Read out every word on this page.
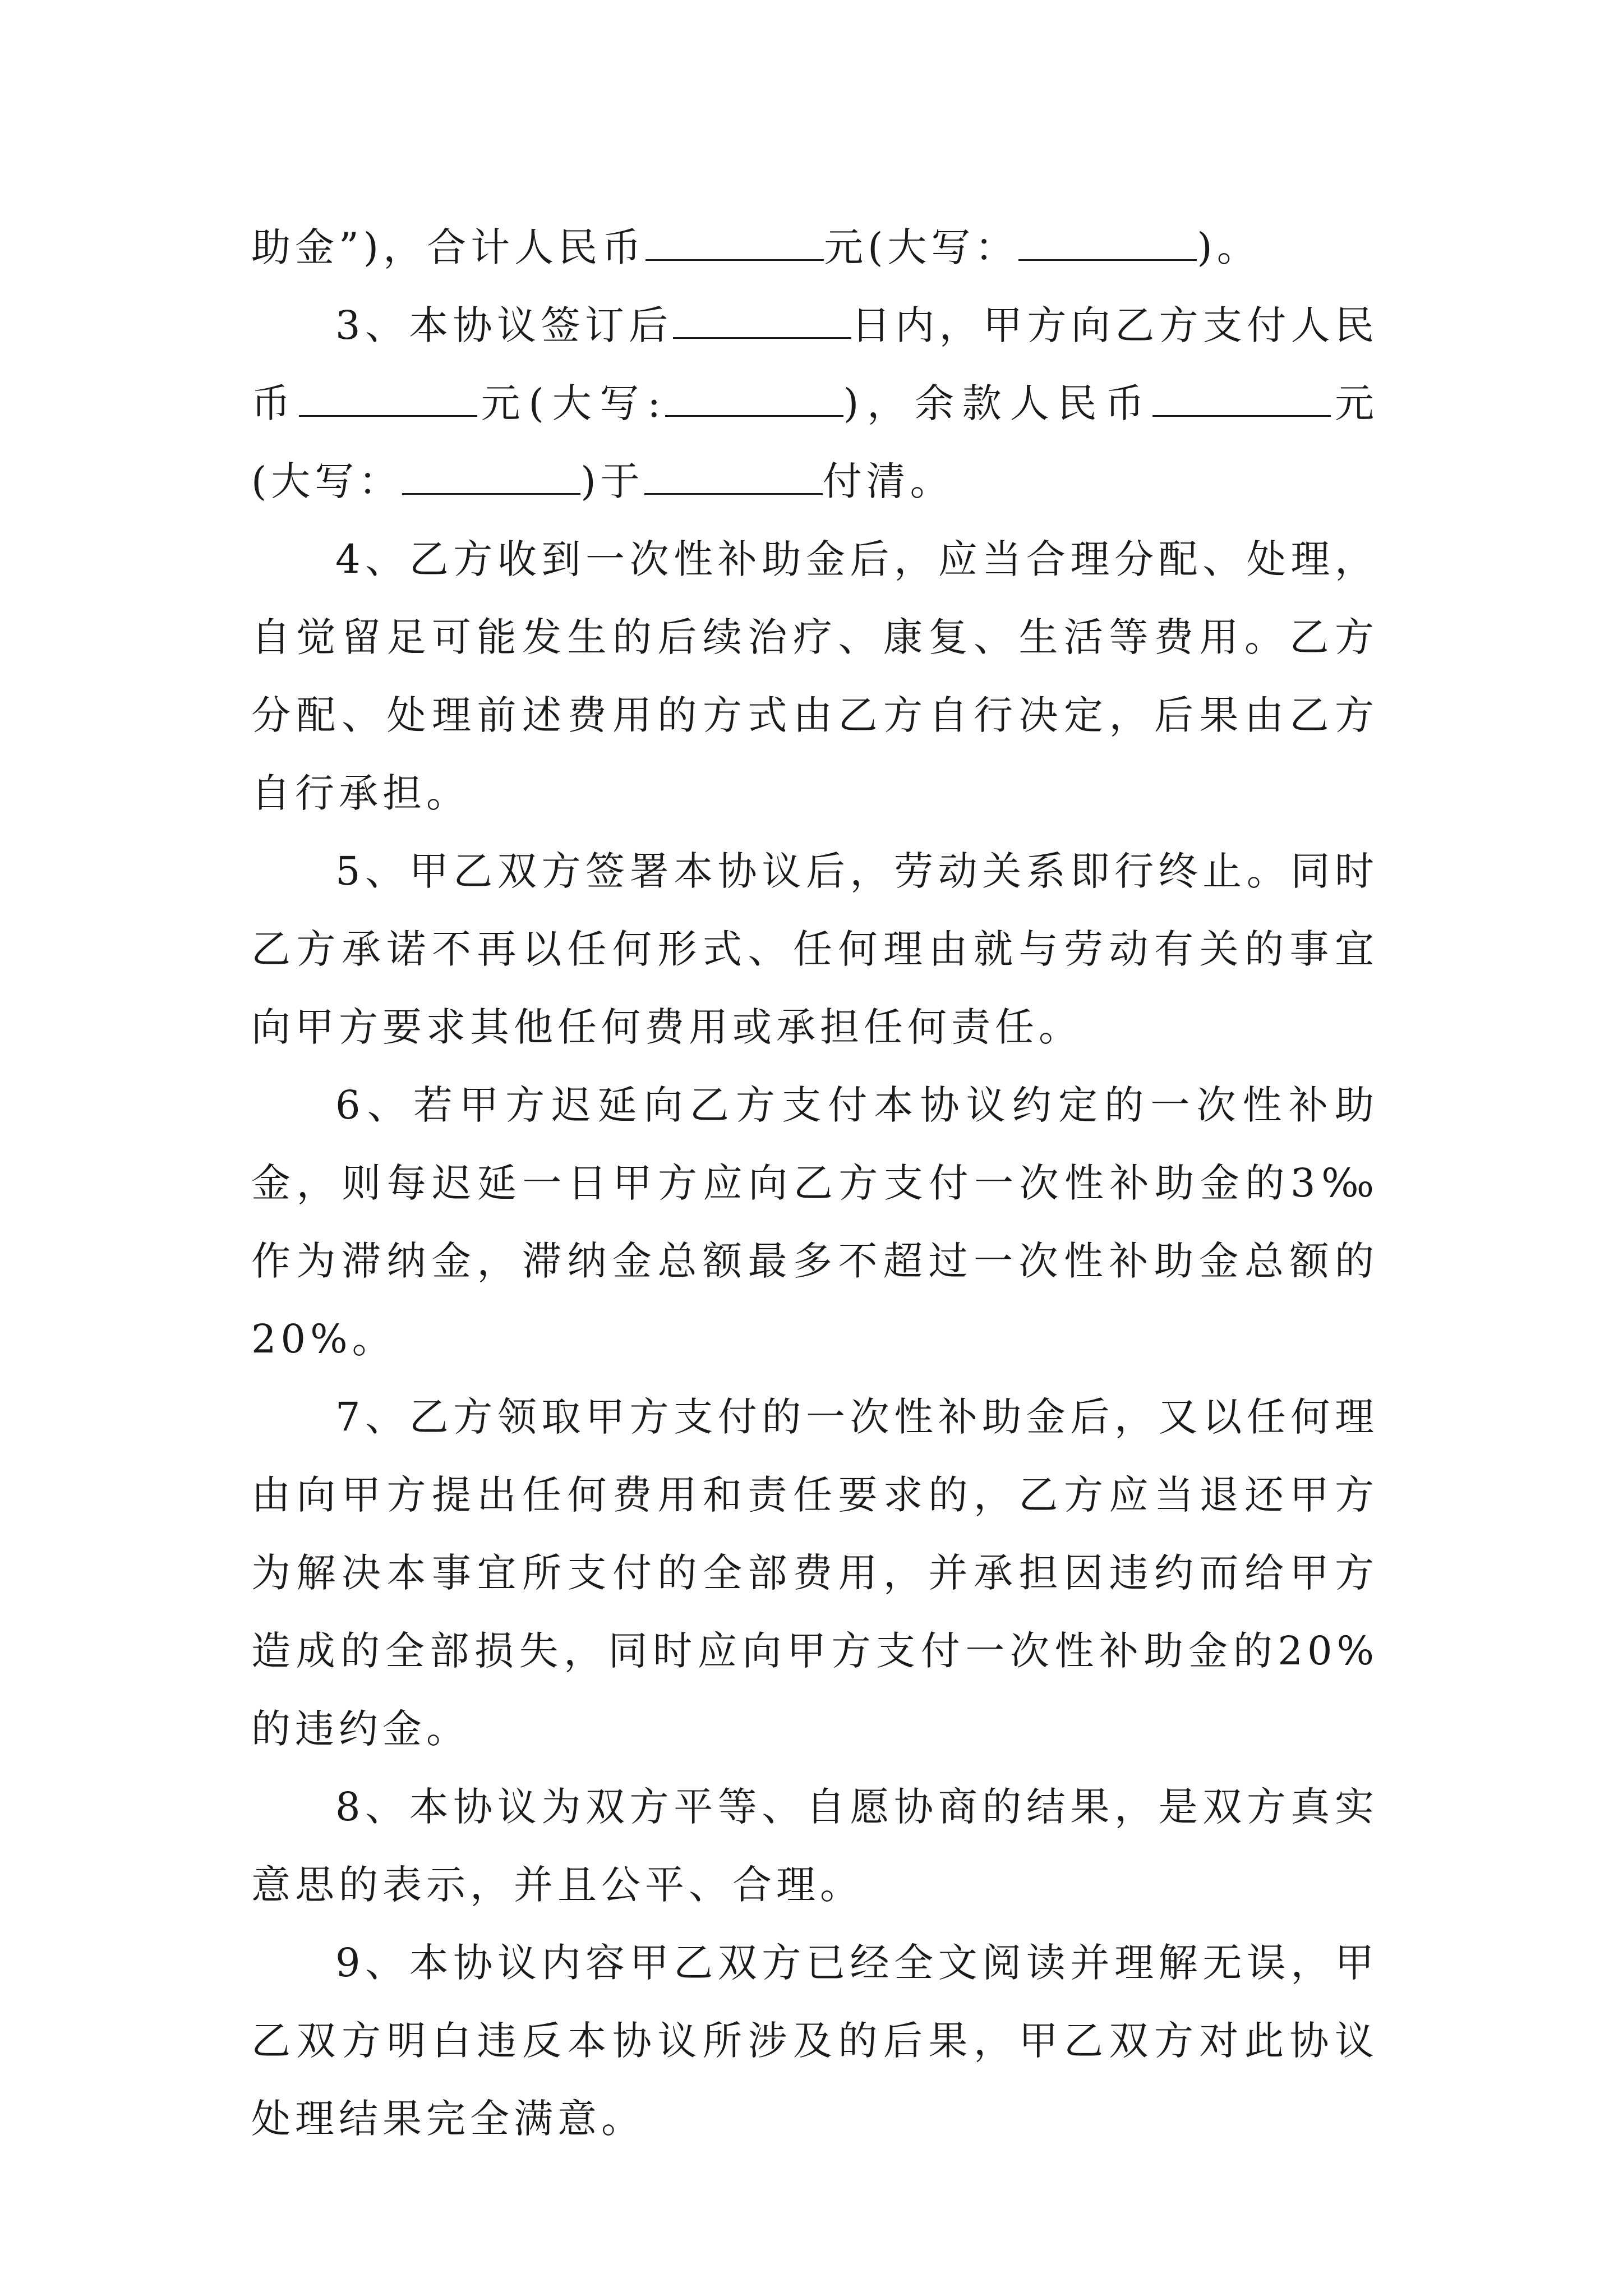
助金”)，合计人民币	元(大写：	)。

3、本协议签订后	日内，甲方向乙方支付人民币	元(大写:	)，余款人民币	元(大写：	)于	付清。

4、乙方收到一次性补助金后，应当合理分配、处理，自觉留足可能发生的后续治疗、康复、生活等费用。乙方分配、处理前述费用的方式由乙方自行决定，后果由乙方自行承担。

5、甲乙双方签署本协议后，劳动关系即行终止。同时乙方承诺不再以任何形式、任何理由就与劳动有关的事宜向甲方要求其他任何费用或承担任何责任。

6、若甲方迟延向乙方支付本协议约定的一次性补助金，则每迟延一日甲方应向乙方支付一次性补助金的3‰作为滞纳金，滞纳金总额最多不超过一次性补助金总额的20%。

7、乙方领取甲方支付的一次性补助金后，又以任何理由向甲方提出任何费用和责任要求的，乙方应当退还甲方为解决本事宜所支付的全部费用，并承担因违约而给甲方造成的全部损失，同时应向甲方支付一次性补助金的20%的违约金。

8、本协议为双方平等、自愿协商的结果，是双方真实意思的表示，并且公平、合理。

9、本协议内容甲乙双方已经全文阅读并理解无误，甲乙双方明白违反本协议所涉及的后果，甲乙双方对此协议处理结果完全满意。
